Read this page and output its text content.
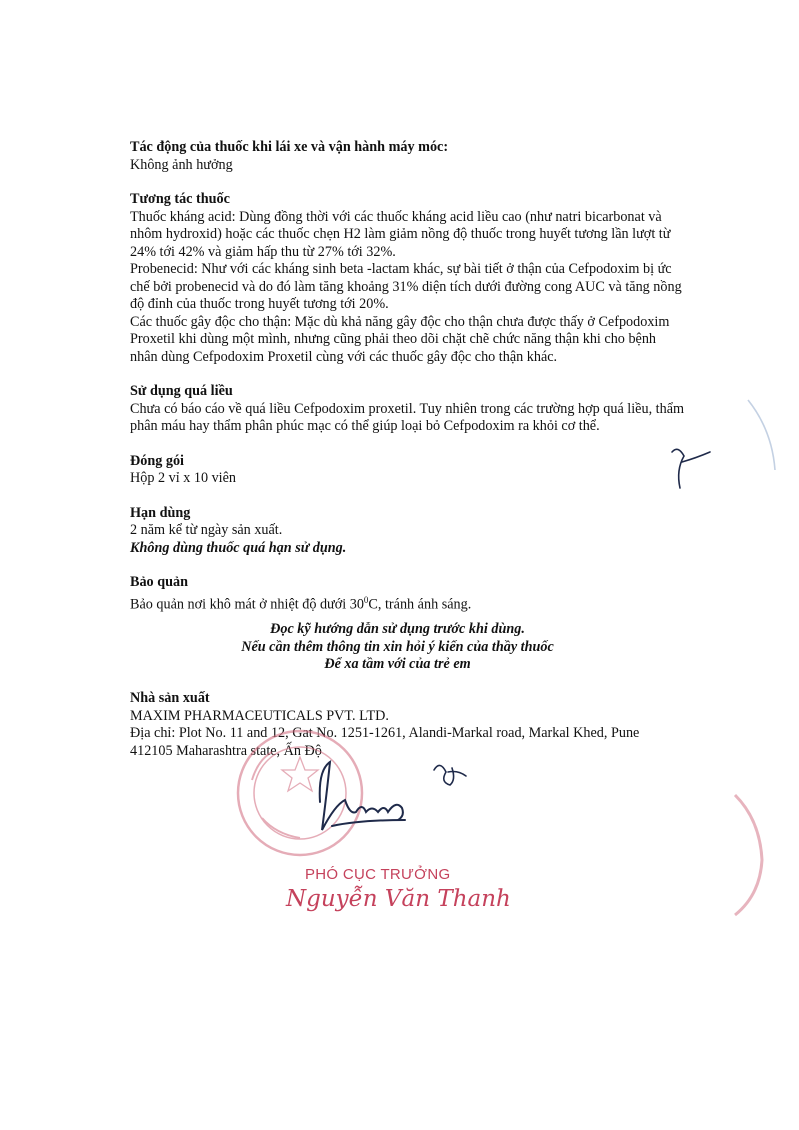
Tác động của thuốc khi lái xe và vận hành máy móc:
Không ảnh hưởng
Tương tác thuốc
Thuốc kháng acid: Dùng đồng thời với các thuốc kháng acid liều cao (như natri bicarbonat và
nhôm hydroxid) hoặc các thuốc chẹn H2 làm giảm nồng độ thuốc trong huyết tương lần lượt từ
24% tới 42% và giảm hấp thu từ 27% tới 32%.
Probenecid: Như với các kháng sinh beta -lactam khác, sự bài tiết ở thận của Cefpodoxim bị ức
chế bởi probenecid và do đó làm tăng khoảng 31% diện tích dưới đường cong AUC và tăng nồng
độ đỉnh của thuốc trong huyết tương tới 20%.
Các thuốc gây độc cho thận: Mặc dù khả năng gây độc cho thận chưa được thấy ở Cefpodoxim
Proxetil khi dùng một mình, nhưng cũng phải theo dõi chặt chẽ chức năng thận khi cho bệnh
nhân dùng Cefpodoxim Proxetil cùng với các thuốc gây độc cho thận khác.
Sử dụng quá liều
Chưa có báo cáo về quá liều Cefpodoxim proxetil. Tuy nhiên trong các trường hợp quá liều, thẩm
phân máu hay thẩm phân phúc mạc có thể giúp loại bỏ Cefpodoxim ra khỏi cơ thể.
Đóng gói
Hộp 2 vỉ x 10 viên
Hạn dùng
2 năm kể từ ngày sản xuất.
Không dùng thuốc quá hạn sử dụng.
Bảo quản
Bảo quản nơi khô mát ở nhiệt độ dưới $30^0C$, tránh ánh sáng.
Đọc kỹ hướng dẫn sử dụng trước khi dùng.
Nếu cần thêm thông tin xin hỏi ý kiến của thầy thuốc
Để xa tầm với của trẻ em
Nhà sản xuất
MAXIM PHARMACEUTICALS PVT. LTD.
Địa chỉ: Plot No. 11 and 12, Gat No. 1251-1261, Alandi-Markal road, Markal Khed, Pune
412105 Maharashtra state, Ấn Độ
PHÓ CỤC TRƯỞNG
Nguyễn Văn Thanh
